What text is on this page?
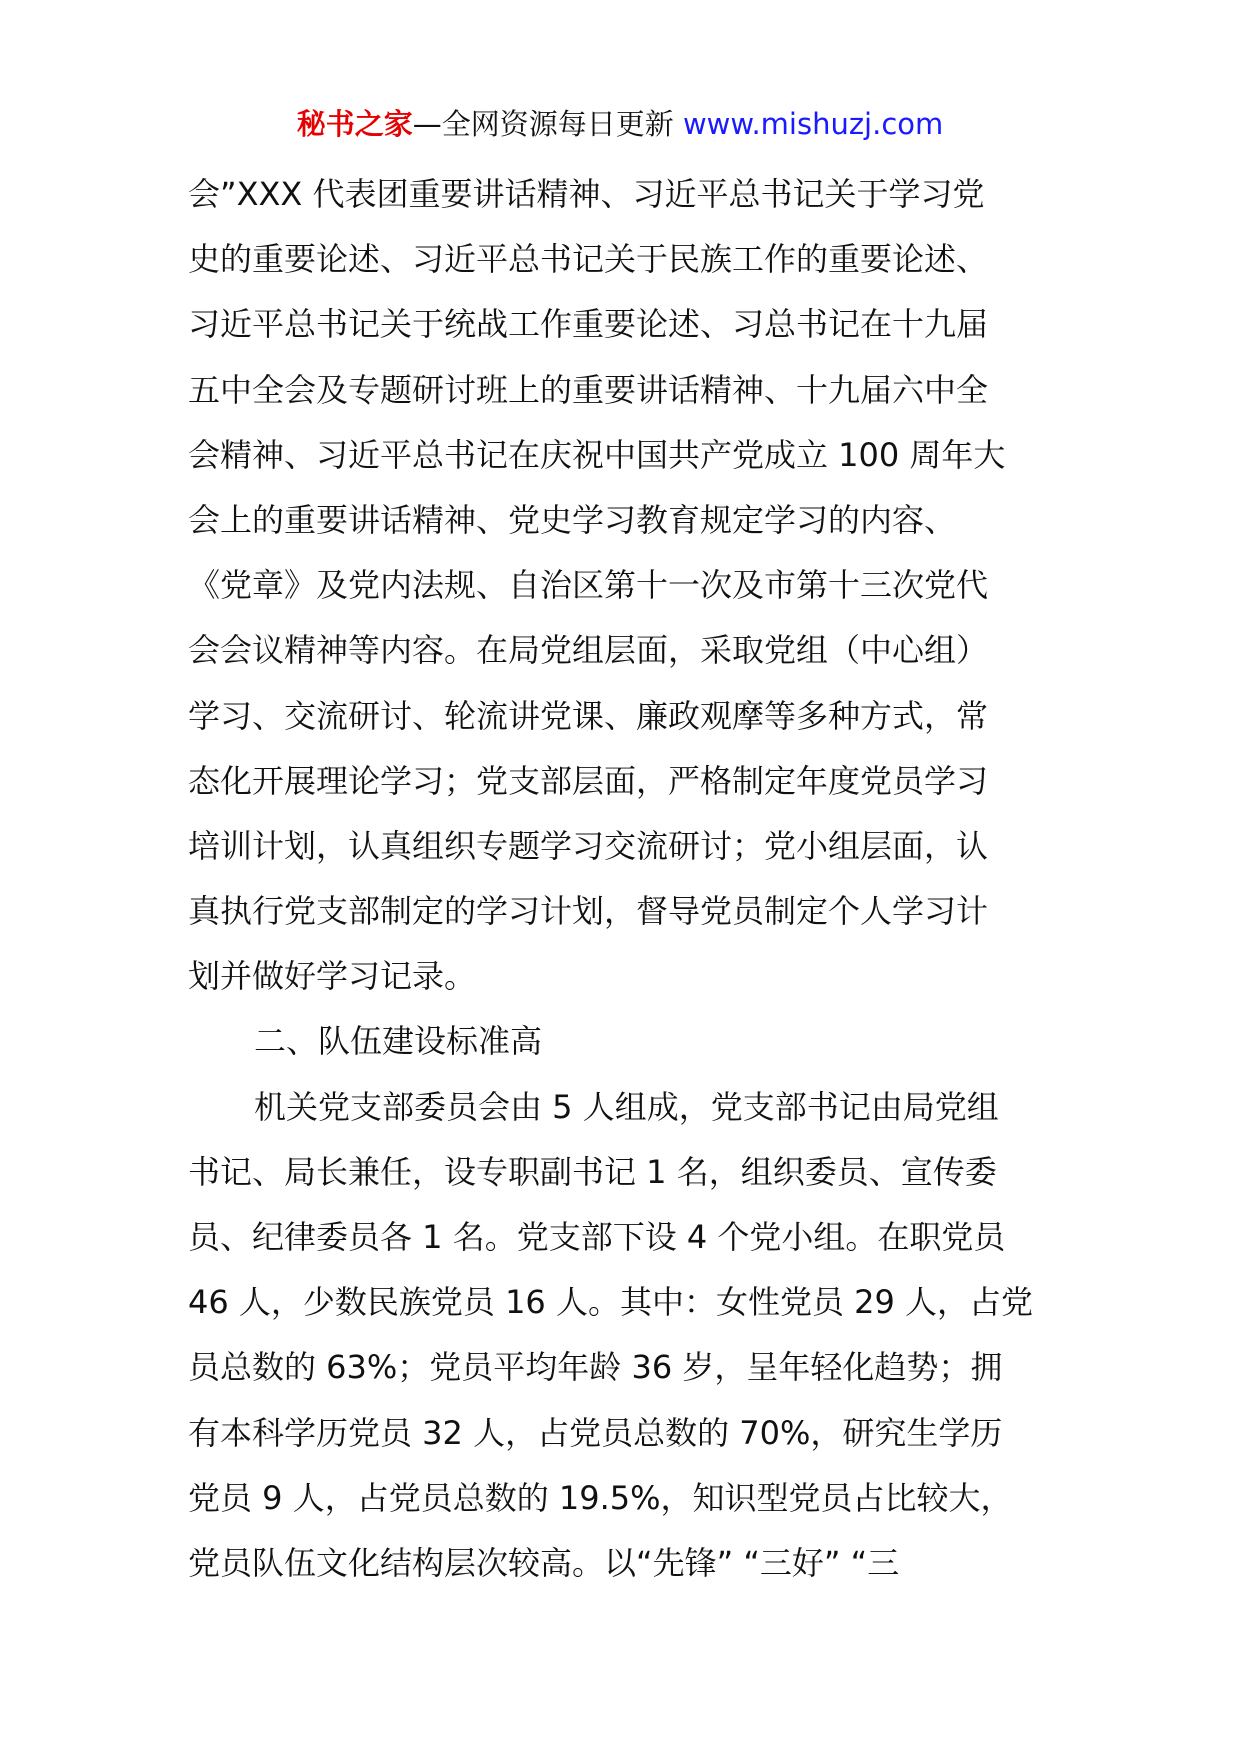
秘书之家—全网资源每日更新 www.mishuzj.com
会”XXX 代表团重要讲话精神、习近平总书记关于学习党
史的重要论述、习近平总书记关于民族工作的重要论述、
习近平总书记关于统战工作重要论述、习总书记在十九届
五中全会及专题研讨班上的重要讲话精神、十九届六中全
会精神、习近平总书记在庆祝中国共产党成立 100 周年大
会上的重要讲话精神、党史学习教育规定学习的内容、
《党章》及党内法规、自治区第十一次及市第十三次党代
会会议精神等内容。在局党组层面，采取党组（中心组）
学习、交流研讨、轮流讲党课、廉政观摩等多种方式，常
态化开展理论学习；党支部层面，严格制定年度党员学习
培训计划，认真组织专题学习交流研讨；党小组层面，认
真执行党支部制定的学习计划，督导党员制定个人学习计
划并做好学习记录。
二、队伍建设标准高
机关党支部委员会由 5 人组成，党支部书记由局党组
书记、局长兼任，设专职副书记 1 名，组织委员、宣传委
员、纪律委员各 1 名。党支部下设 4 个党小组。在职党员
46 人，少数民族党员 16 人。其中：女性党员 29 人，占党
员总数的 63%；党员平均年龄 36 岁，呈年轻化趋势；拥
有本科学历党员 32 人，占党员总数的 70%，研究生学历
党员 9 人，占党员总数的 19.5%，知识型党员占比较大，
党员队伍文化结构层次较高。以“先锋” “三好” “三
